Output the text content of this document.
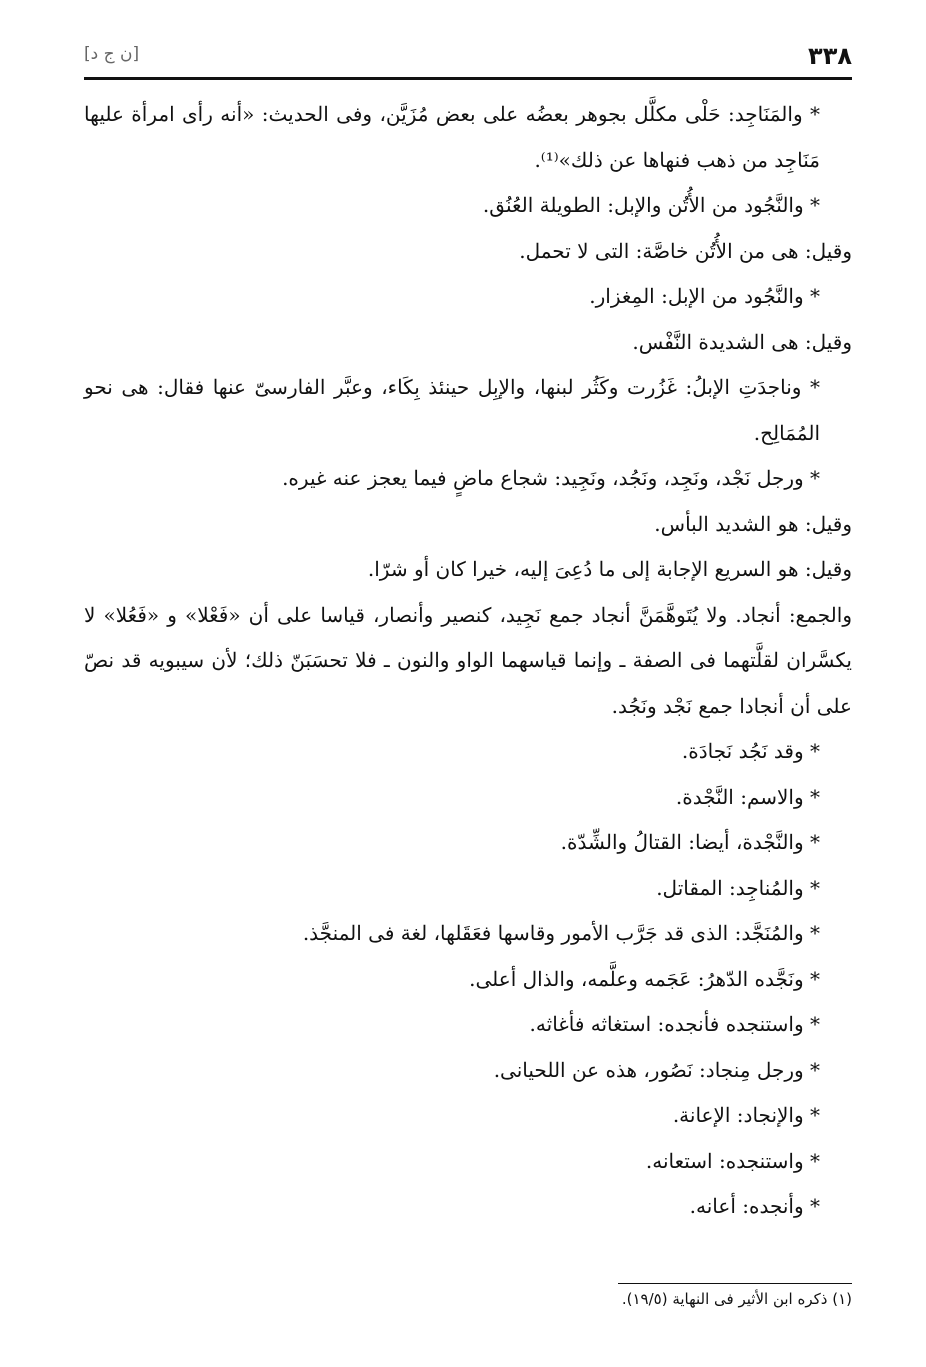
٣٣٨
[ن ج د]

* والمَنَاجِد: حَلْى مكلَّل بجوهر بعضُه على بعض مُزَيَّن، وفى الحديث: «أنه رأى امرأة عليها مَنَاجِد من ذهب فنهاها عن ذلك»⁽¹⁾.

* والنَّجُود من الأُتُن والإبل: الطويلة العُنُق.

وقيل: هى من الأُتُن خاصَّة: التى لا تحمل.

* والنَّجُود من الإبل: المِغزار.

وقيل: هى الشديدة النَّفْس.

* وناجدَتِ الإبلُ: غَزُرت وكَثُر لبنها، والإبِل حينئذ بِكَاء، وعبَّر الفارسىّ عنها فقال: هى نحو المُمَالِح.

* ورجل نَجْد، ونَجِد، ونَجُد، ونَجِيد: شجاع ماضٍ فيما يعجز عنه غيره.

وقيل: هو الشديد البأس.

وقيل: هو السريع الإجابة إلى ما دُعِىَ إليه، خيرا كان أو شرّا.

والجمع: أنجاد. ولا يُتَوهَّمَنَّ أنجاد جمع نَجِيد، كنصير وأنصار، قياسا على أن «فَعْلا» و «فَعُلا» لا يكسَّران لقلَّتهما فى الصفة ـ وإنما قياسهما الواو والنون ـ فلا تحسَبَنّ ذلك؛ لأن سيبويه قد نصّ على أن أنجادا جمع نَجْد ونَجُد.

* وقد نَجُد نَجادَة.

* والاسم: النَّجْدة.

* والنَّجْدة، أيضا: القتالُ والشِّدّة.

* والمُناجِد: المقاتل.

* والمُنَجَّد: الذى قد جَرَّب الأمور وقاسها فعَقَلها، لغة فى المنجَّذ.

* ونَجَّده الدّهرُ: عَجَمه وعلَّمه، والذال أعلى.

* واستنجده فأنجده: استغاثه فأغاثه.

* ورجل مِنجاد: نَصُور، هذه عن اللحيانى.

* والإنجاد: الإعانة.

* واستنجده: استعانه.

* وأنجده: أعانه.

(١) ذكره ابن الأثير فى النهاية (١٩/٥).
